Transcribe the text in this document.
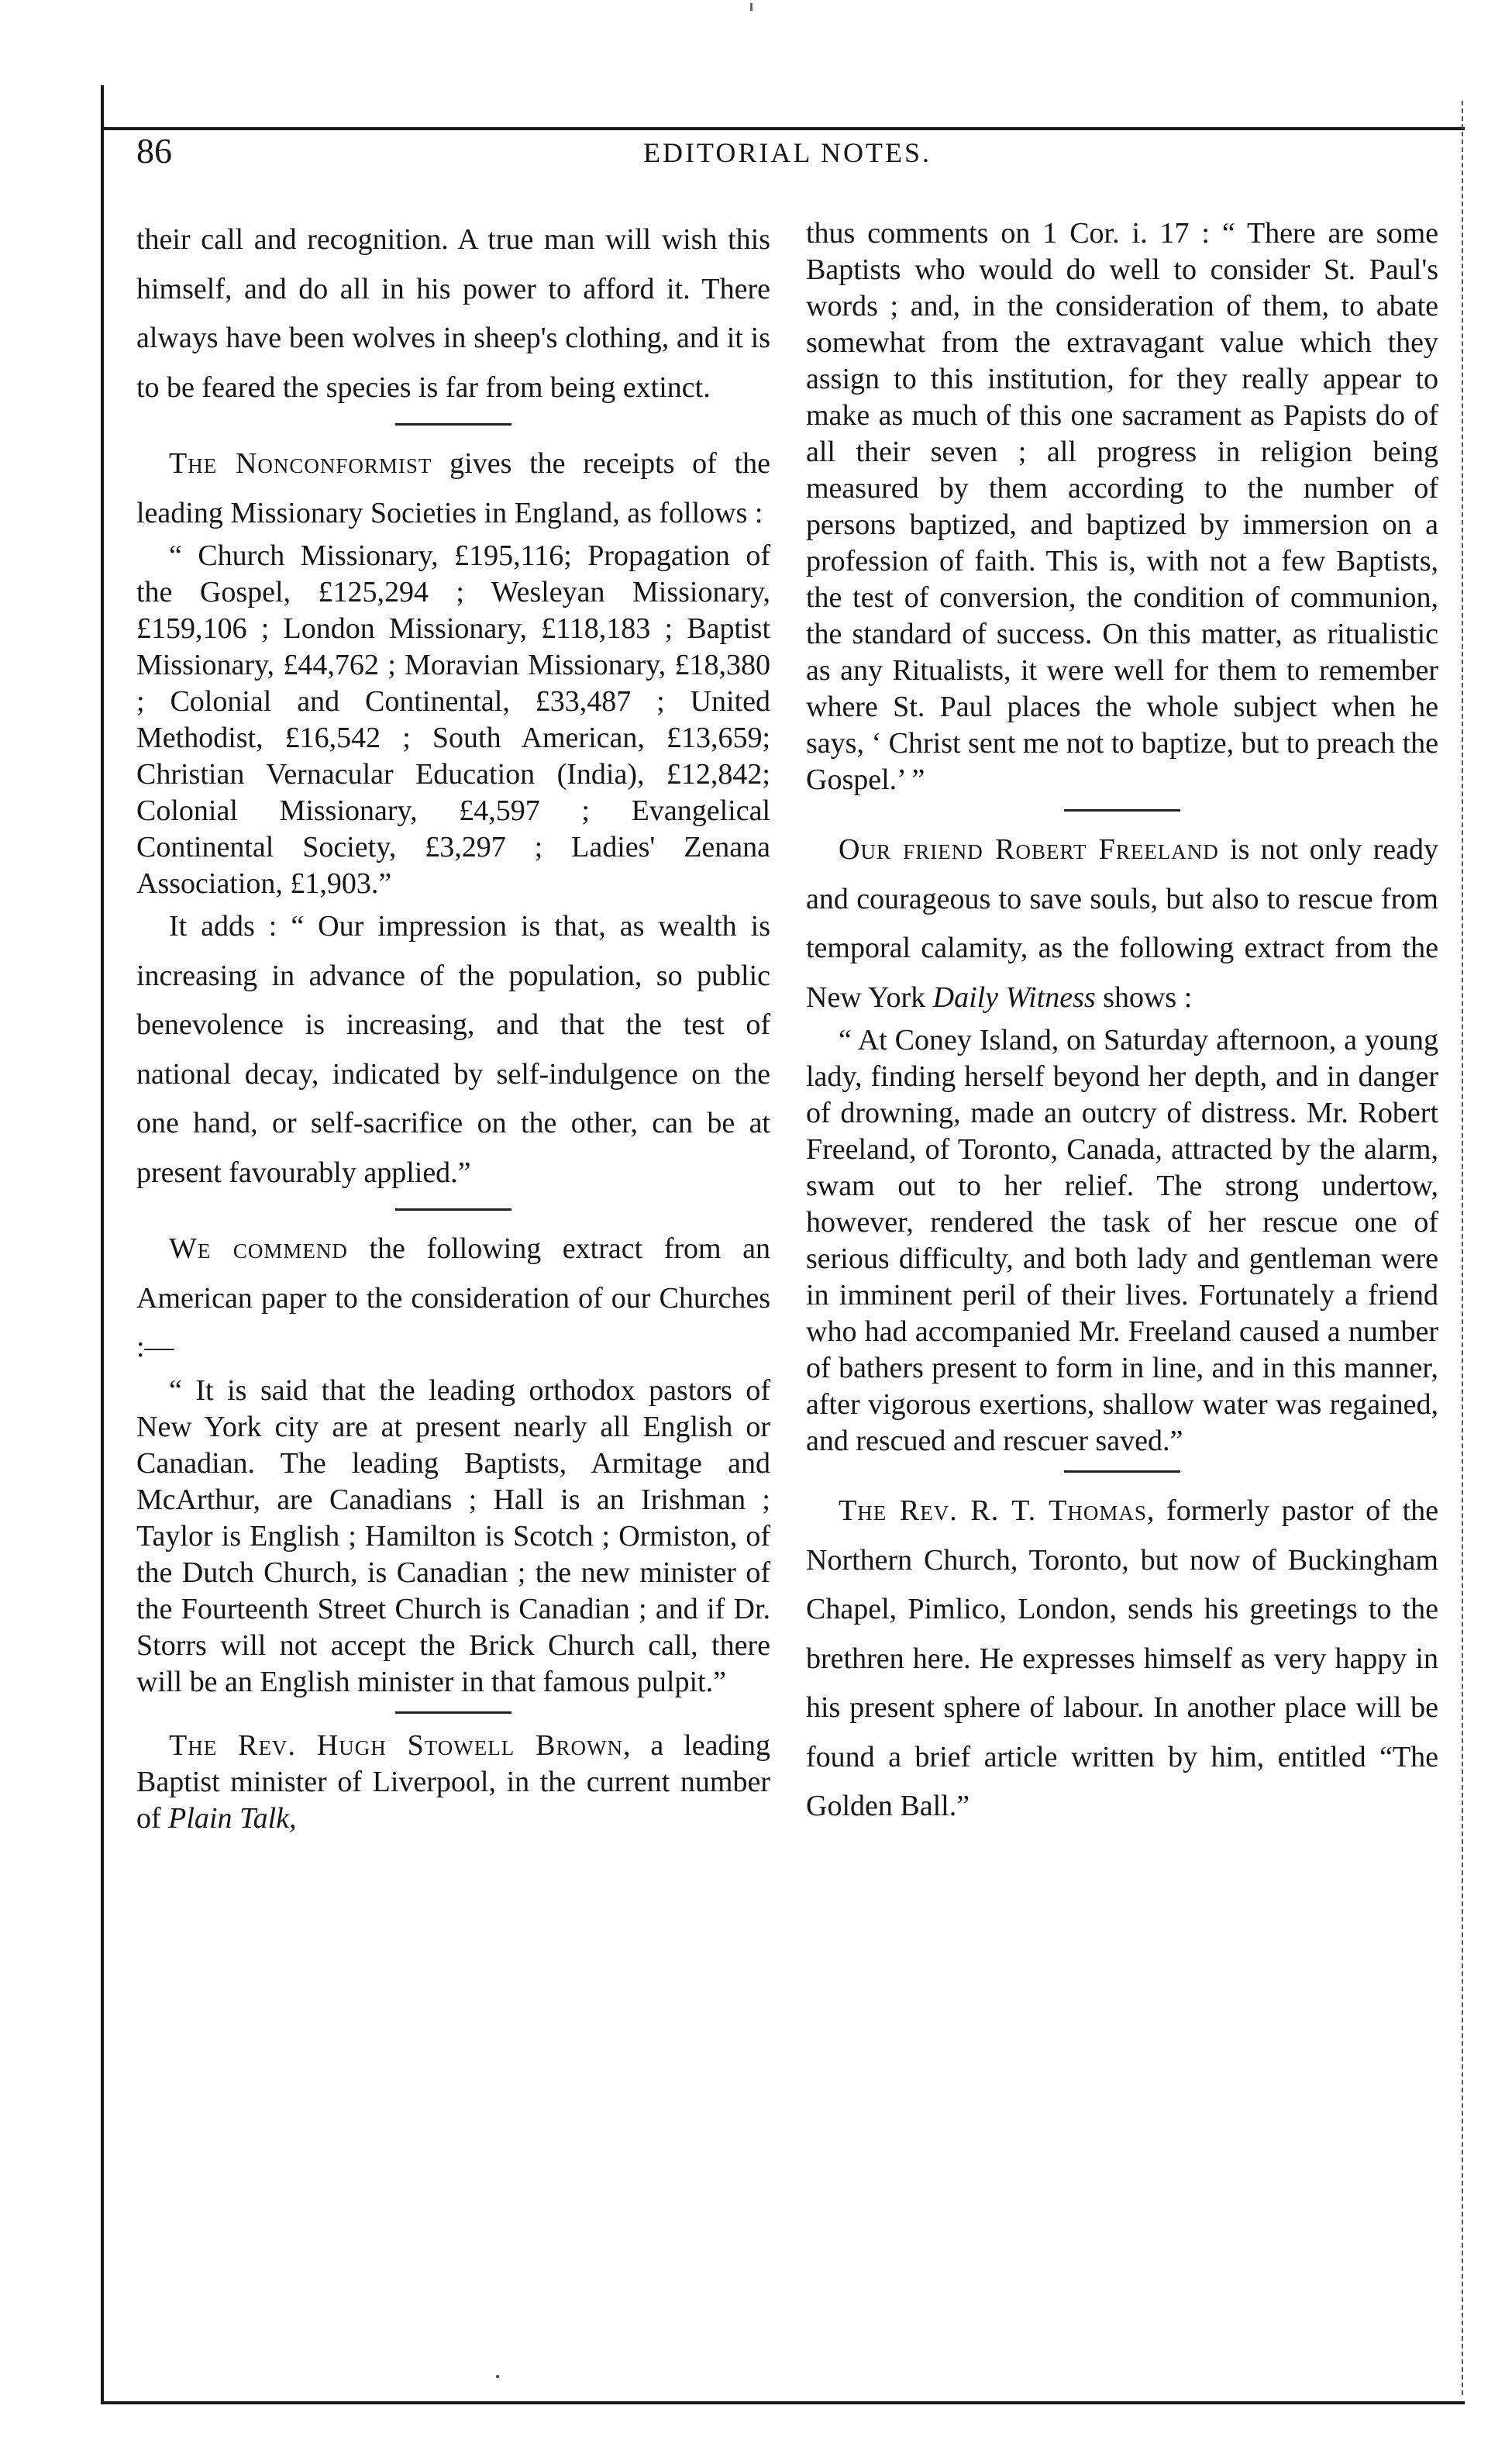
86	EDITORIAL NOTES.

their call and recognition. A true man will wish this himself, and do all in his power to afford it. There always have been wolves in sheep's clothing, and it is to be feared the species is far from being extinct.

The Nonconformist gives the receipts of the leading Missionary Societies in England, as follows :

“ Church Missionary, £195,116; Propagation of the Gospel, £125,294 ; Wesleyan Missionary, £159,106 ; London Missionary, £118,183 ; Baptist Missionary, £44,762 ; Moravian Missionary, £18,380 ; Colonial and Continental, £33,487 ; United Methodist, £16,542 ; South American, £13,659; Christian Vernacular Education (India), £12,842; Colonial Missionary, £4,597 ; Evangelical Continental Society, £3,297 ; Ladies' Zenana Association, £1,903.”

It adds : “ Our impression is that, as wealth is increasing in advance of the population, so public benevolence is increasing, and that the test of national decay, indicated by self-indulgence on the one hand, or self-sacrifice on the other, can be at present favourably applied.”

We commend the following extract from an American paper to the consideration of our Churches :—

“ It is said that the leading orthodox pastors of New York city are at present nearly all English or Canadian. The leading Baptists, Armitage and McArthur, are Canadians ; Hall is an Irishman ; Taylor is English ; Hamilton is Scotch ; Ormiston, of the Dutch Church, is Canadian ; the new minister of the Fourteenth Street Church is Canadian ; and if Dr. Storrs will not accept the Brick Church call, there will be an English minister in that famous pulpit.”

The Rev. Hugh Stowell Brown, a leading Baptist minister of Liverpool, in the current number of Plain Talk,

thus comments on 1 Cor. i. 17 : “ There are some Baptists who would do well to consider St. Paul's words ; and, in the consideration of them, to abate somewhat from the extravagant value which they assign to this institution, for they really appear to make as much of this one sacrament as Papists do of all their seven ; all progress in religion being measured by them according to the number of persons baptized, and baptized by immersion on a profession of faith. This is, with not a few Baptists, the test of conversion, the condition of communion, the standard of success. On this matter, as ritualistic as any Ritualists, it were well for them to remember where St. Paul places the whole subject when he says, ‘ Christ sent me not to baptize, but to preach the Gospel.’ ”

Our friend Robert Freeland is not only ready and courageous to save souls, but also to rescue from temporal calamity, as the following extract from the New York Daily Witness shows :

“ At Coney Island, on Saturday afternoon, a young lady, finding herself beyond her depth, and in danger of drowning, made an outcry of distress. Mr. Robert Freeland, of Toronto, Canada, attracted by the alarm, swam out to her relief. The strong undertow, however, rendered the task of her rescue one of serious difficulty, and both lady and gentleman were in imminent peril of their lives. Fortunately a friend who had accompanied Mr. Freeland caused a number of bathers present to form in line, and in this manner, after vigorous exertions, shallow water was regained, and rescued and rescuer saved.”

The Rev. R. T. Thomas, formerly pastor of the Northern Church, Toronto, but now of Buckingham Chapel, Pimlico, London, sends his greetings to the brethren here. He expresses himself as very happy in his present sphere of labour. In another place will be found a brief article written by him, entitled “The Golden Ball.”
